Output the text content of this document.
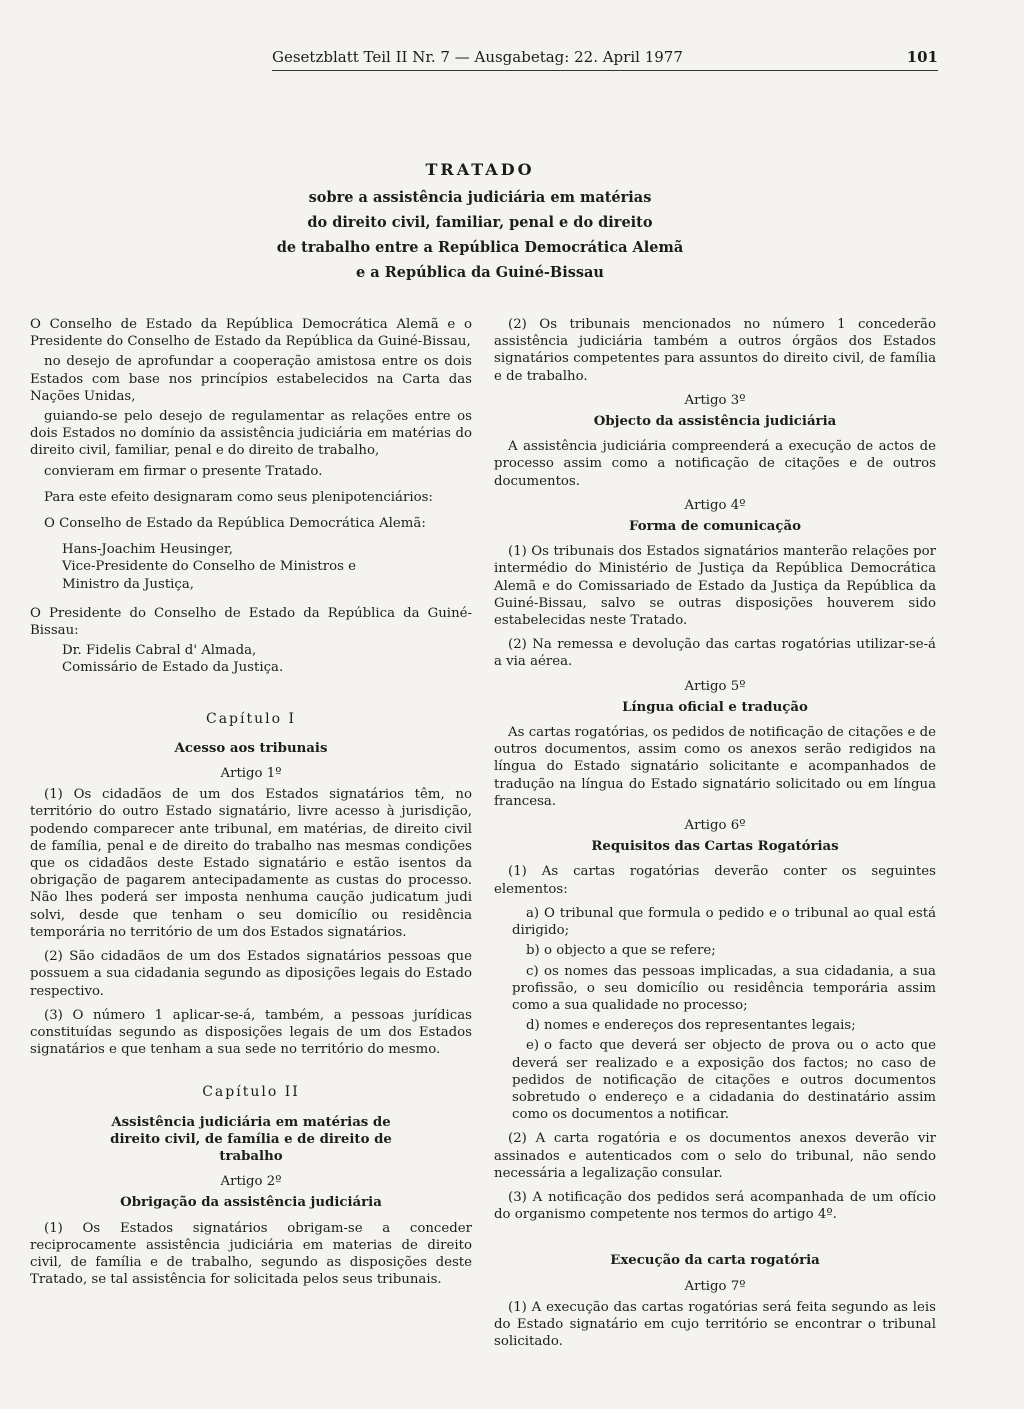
Gesetzblatt Teil II Nr. 7 — Ausgabetag: 22. April 1977	101
TRATADO
sobre a assistência judiciária em matérias
do direito civil, familiar, penal e do direito
de trabalho entre a República Democrática Alemã
e a República da Guiné-Bissau

O Conselho de Estado da República Democrática Alemã e o Presidente do Conselho de Estado da República da Guiné-Bissau,

no desejo de aprofundar a cooperação amistosa entre os dois Estados com base nos princípios estabelecidos na Carta das Nações Unidas,

guiando-se pelo desejo de regulamentar as relações entre os dois Estados no domínio da assistência judiciária em matérias do direito civil, familiar, penal e do direito de trabalho,

convieram em firmar o presente Tratado.

Para este efeito designaram como seus plenipotenciários:

O Conselho de Estado da República Democrática Alemã:

Hans-Joachim Heusinger,
Vice-Presidente do Conselho de Ministros e
Ministro da Justiça,

O Presidente do Conselho de Estado da República da Guiné-Bissau:

Dr. Fidelis Cabral d' Almada,
Comissário de Estado da Justiça.
Capítulo I
Acesso aos tribunais
Artigo 1º

(1) Os cidadãos de um dos Estados signatários têm, no território do outro Estado signatário, livre acesso à jurisdição, podendo comparecer ante tribunal, em matérias, de direito civil de família, penal e de direito do trabalho nas mesmas condições que os cidadãos deste Estado signatário e estão isentos da obrigação de pagarem antecipadamente as custas do processo. Não lhes poderá ser imposta nenhuma caução judicatum judi solvi, desde que tenham o seu domicílio ou residência temporária no território de um dos Estados signatários.

(2) São cidadãos de um dos Estados signatários pessoas que possuem a sua cidadania segundo as diposições legais do Estado respectivo.

(3) O número 1 aplicar-se-á, também, a pessoas jurídicas constituídas segundo as disposições legais de um dos Estados signatários e que tenham a sua sede no território do mesmo.

Capítulo II
Assistência judiciária em matérias de direito civil, de família e de direito de trabalho
Artigo 2º
Obrigação da assistência judiciária

(1) Os Estados signatários obrigam-se a conceder reciprocamente assistência judiciária em materias de direito civil, de família e de trabalho, segundo as disposições deste Tratado, se tal assistência for solicitada pelos seus tribunais.

(2) Os tribunais mencionados no número 1 concederão assistência judiciária também a outros órgãos dos Estados signatários competentes para assuntos do direito civil, de família e de trabalho.

Artigo 3º
Objecto da assistência judiciária

A assistência judiciária compreenderá a execução de actos de processo assim como a notificação de citações e de outros documentos.

Artigo 4º
Forma de comunicação

(1) Os tribunais dos Estados signatários manterão relações por intermédio do Ministério de Justiça da República Democrática Alemã e do Comissariado de Estado da Justiça da República da Guiné-Bissau, salvo se outras disposições houverem sido estabelecidas neste Tratado.

(2) Na remessa e devolução das cartas rogatórias utilizar-se-á a via aérea.

Artigo 5º
Língua oficial e tradução

As cartas rogatórias, os pedidos de notificação de citações e de outros documentos, assim como os anexos serão redigidos na língua do Estado signatário solicitante e acompanhados de tradução na língua do Estado signatário solicitado ou em língua francesa.

Artigo 6º
Requisitos das Cartas Rogatórias

(1) As cartas rogatórias deverão conter os seguintes elementos:

a) O tribunal que formula o pedido e o tribunal ao qual está dirigido;

b) o objecto a que se refere;

c) os nomes das pessoas implicadas, a sua cidadania, a sua profissão, o seu domicílio ou residência temporária assim como a sua qualidade no processo;

d) nomes e endereços dos representantes legais;

e) o facto que deverá ser objecto de prova ou o acto que deverá ser realizado e a exposição dos factos; no caso de pedidos de notificação de citações e outros documentos sobretudo o endereço e a cidadania do destinatário assim como os documentos a notificar.

(2) A carta rogatória e os documentos anexos deverão vir assinados e autenticados com o selo do tribunal, não sendo necessária a legalização consular.

(3) A notificação dos pedidos será acompanhada de um ofício do organismo competente nos termos do artigo 4º.

Execução da carta rogatória
Artigo 7º

(1) A execução das cartas rogatórias será feita segundo as leis do Estado signatário em cujo território se encontrar o tribunal solicitado.
